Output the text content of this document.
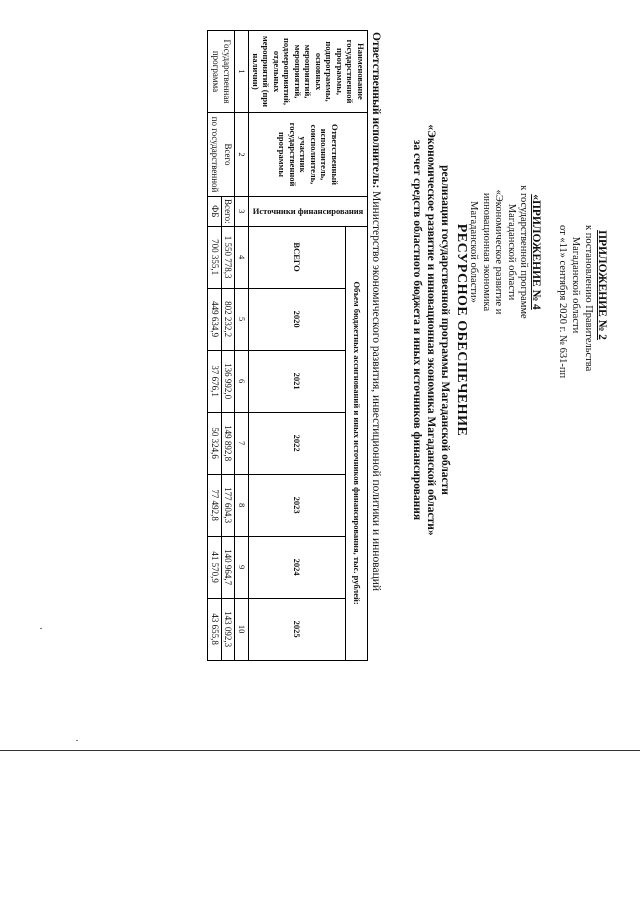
ПРИЛОЖЕНИЕ № 2
к постановлению Правительства
Магаданской области
от «11» сентября 2020 г. № 631-пп
«ПРИЛОЖЕНИЕ № 4
к государственной программе
Магаданской области
«Экономическое развитие и
инновационная экономика
Магаданской области»
РЕСУРСНОЕ ОБЕСПЕЧЕНИЕ
реализации государственной программы Магаданской области
«Экономическое развитие и инновационная экономика Магаданской области»
за счет средств областного бюджета и иных источников финансирования
Ответственный исполнитель: Министерство экономического развития, инвестиционной политики и инноваций
Наименование государственной программы, подпрограммы, основных мероприятий, мероприятий, подмероприятий, отдельных мероприятий (при наличии)	Ответственный исполнитель, соисполнитель, участник государственной программы	Источники финансирования	Объем бюджетных ассигнований и иных источников финансирования, тыс. рублей:						
			ВСЕГО	2020	2021	2022	2023	2024	2025
1	2	3	4	5	6	7	8	9	10
Государственная программа	Всего	Всего:	1 550 778,3	802 232,2	136 992,0	149 892,8	177 604,3	140 964,7	143 092,3
	по государственной	ФБ	700 355,1	449 634,9	37 676,1	50 324,6	77 492,8	41 570,9	43 655,8
